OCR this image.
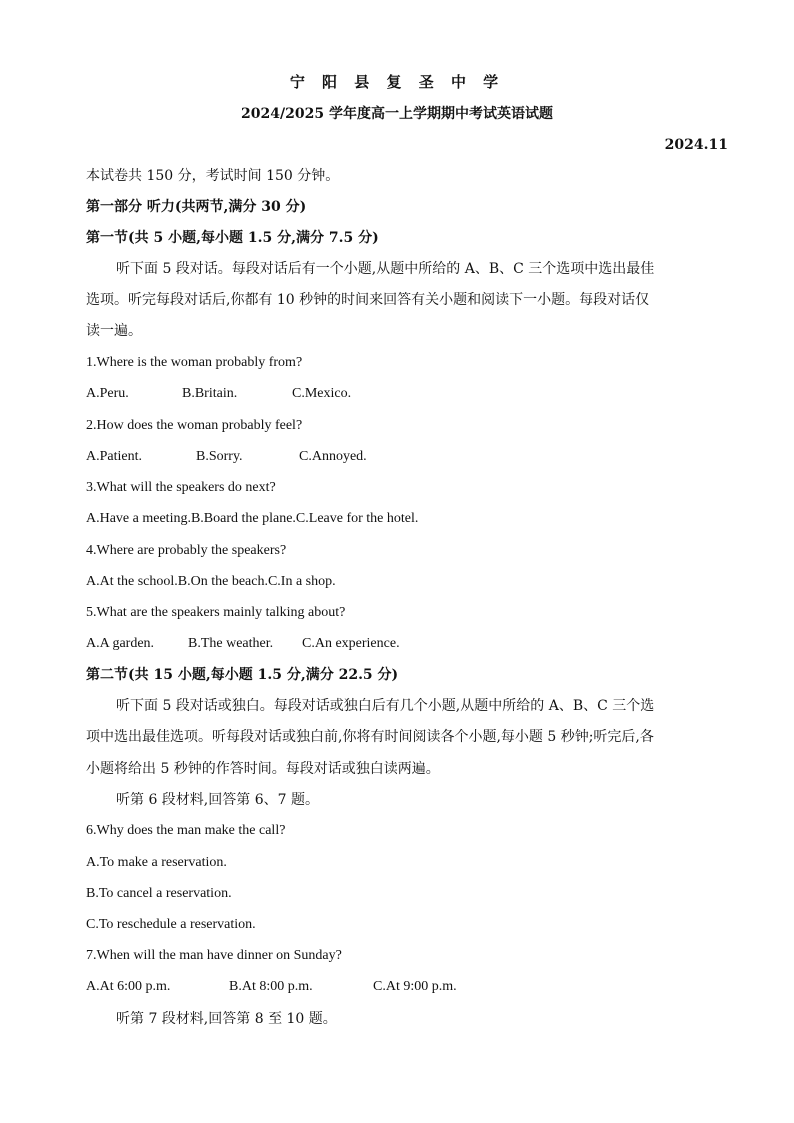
宁 阳 县 复 圣 中 学
2024/2025 学年度高一上学期期中考试英语试题
2024.11
本试卷共 150 分，考试时间 150 分钟。
第一部分 听力(共两节,满分 30 分)
第一节(共 5 小题,每小题 1.5 分,满分 7.5 分)
听下面 5 段对话。每段对话后有一个小题,从题中所给的 A、B、C 三个选项中选出最佳
选项。听完每段对话后,你都有 10 秒钟的时间来回答有关小题和阅读下一小题。每段对话仅
读一遍。
1.Where is the woman probably from?
A.Peru.	B.Britain.	C.Mexico.
2.How does the woman probably feel?
A.Patient.	B.Sorry.	C.Annoyed.
3.What will the speakers do next?
A.Have a meeting.B.Board the plane.C.Leave for the hotel.
4.Where are probably the speakers?
A.At the school.B.On the beach.C.In a shop.
5.What are the speakers mainly talking about?
A.A garden. B.The weather. C.An experience.
第二节(共 15 小题,每小题 1.5 分,满分 22.5 分)
听下面 5 段对话或独白。每段对话或独白后有几个小题,从题中所给的 A、B、C 三个选
项中选出最佳选项。听每段对话或独白前,你将有时间阅读各个小题,每小题 5 秒钟;听完后,各
小题将给出 5 秒钟的作答时间。每段对话或独白读两遍。
听第 6 段材料,回答第 6、7 题。
6.Why does the man make the call?
A.To make a reservation.
B.To cancel a reservation.
C.To reschedule a reservation.
7.When will the man have dinner on Sunday?
A.At 6:00 p.m.	B.At 8:00 p.m.	C.At 9:00 p.m.
听第 7 段材料,回答第 8 至 10 题。
